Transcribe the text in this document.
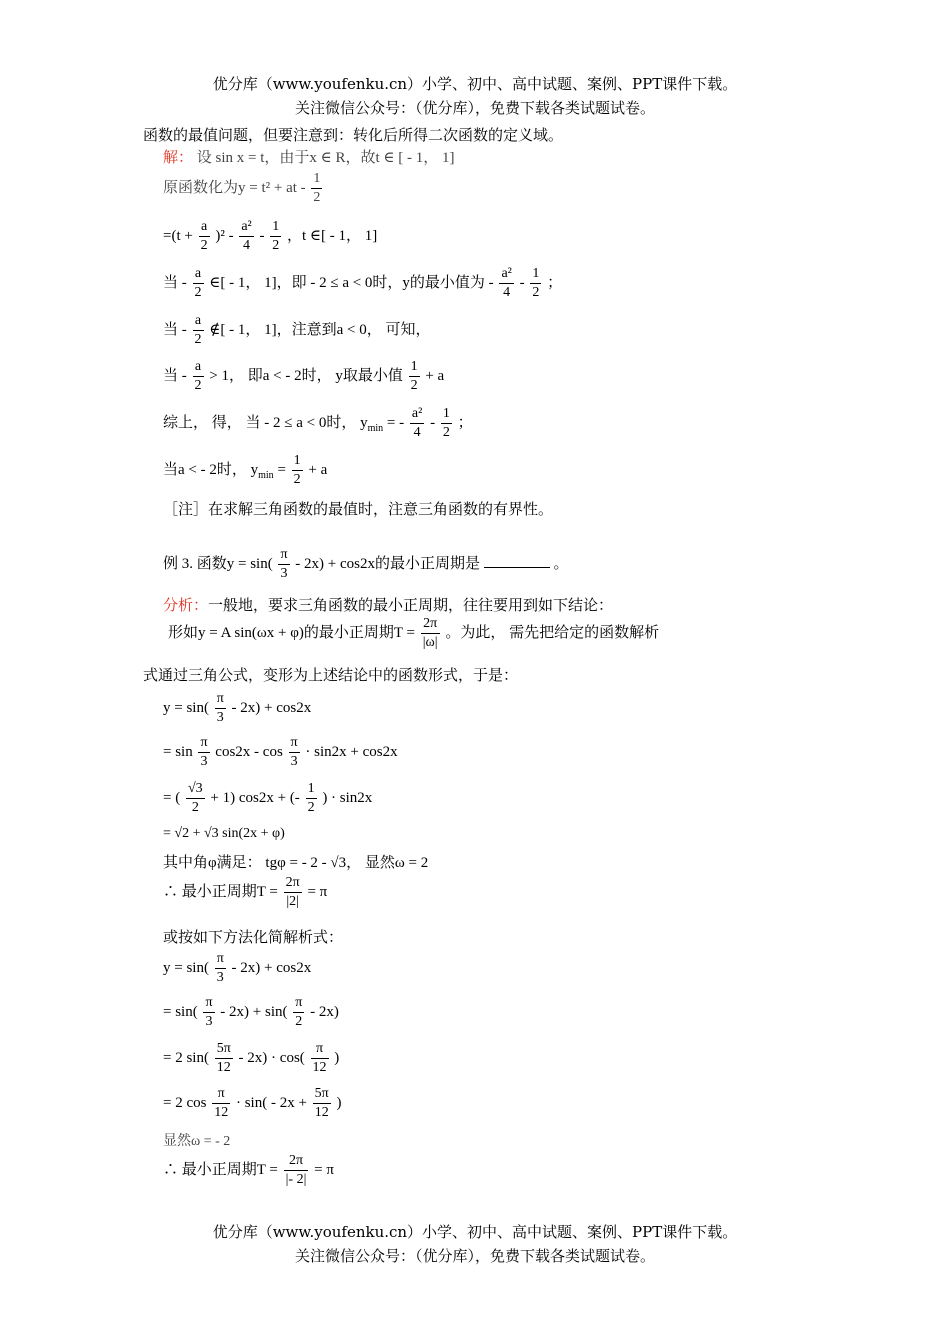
优分库（www.youfenku.cn）小学、初中、高中试题、案例、PPT课件下载。
关注微信公众号：（优分库），免费下载各类试题试卷。
函数的最值问题，但要注意到：转化后所得二次函数的定义域。
解： 设 sin x = t，由于x ∈ R，故t ∈ [ - 1， 1]
原函数化为y = t² + at - $\frac{1}{2}$
$=(t + \frac{a}{2} )^2 - \frac{\text{a²}}{4} - \frac{1}{2}$ ，t ∈[ - 1， 1]
当 - $\frac{a}{2}$ ∈[ - 1， 1]，即 - 2 ≤ a < 0时，y的最小值为 - $\frac{\text{a²}}{4} - \frac{1}{2}$ ；
当 - $\frac{a}{2}$ ∉[ - 1， 1]，注意到a < 0， 可知，
当 - $\frac{a}{2} > 1$， 即a < - 2时， y取最小值 $\frac{1}{2} + a$
综上， 得， 当 - 2 ≤ a < 0时， $y_{min}$ = - $\frac{\text{a²}}{4} - \frac{1}{2}$ ；
当a < - 2时， $y_{min} = \frac{1}{2} + a$
［注］在求解三角函数的最值时，注意三角函数的有界性。
例 3. 函数$y = \sin( \frac{\pi}{3} - 2x) + \cos 2x$的最小正周期是	。
分析：一般地，要求三角函数的最小正周期，往往要用到如下结论：
形如y = A sin(ωx + φ)的最小正周期$T = \frac{2\pi}{|\omega|}$ 。为此， 需先把给定的函数解析
式通过三角公式，变形为上述结论中的函数形式，于是：
$y = \sin( \frac{\pi}{3} - 2x) + \cos 2x$
= $\sin \frac{\pi}{3} \cos 2x - \cos \frac{\pi}{3} \cdot \sin 2x + \cos 2x$
= ( $\frac{√3}{2} + 1$) cos2x + (- $\frac{1}{2}$ ) · sin2x
= √2 + √3 sin(2x + φ)
其中角φ满足： tgφ = - 2 - √3， 显然ω = 2
∴ 最小正周期$T = \frac{2\pi}{|2|} = \pi$
或按如下方法化简解析式：
$y = \sin( \frac{\pi}{3} - 2x) + \cos 2x$
= $\sin( \frac{\pi}{3} - 2x) + \sin( \frac{\pi}{2} - 2x)$
= 2 $\sin( \frac{5\pi}{12} - 2x) \cdot \cos( \frac{\pi}{12}$ )
= 2 $\cos \frac{\pi}{12} \cdot \sin( - 2x + \frac{5\pi}{12}$ )
显然ω = - 2
∴ 最小正周期$T = \frac{2\pi}{|- 2|} = \pi$
优分库（www.youfenku.cn）小学、初中、高中试题、案例、PPT课件下载。
关注微信公众号：（优分库），免费下载各类试题试卷。
